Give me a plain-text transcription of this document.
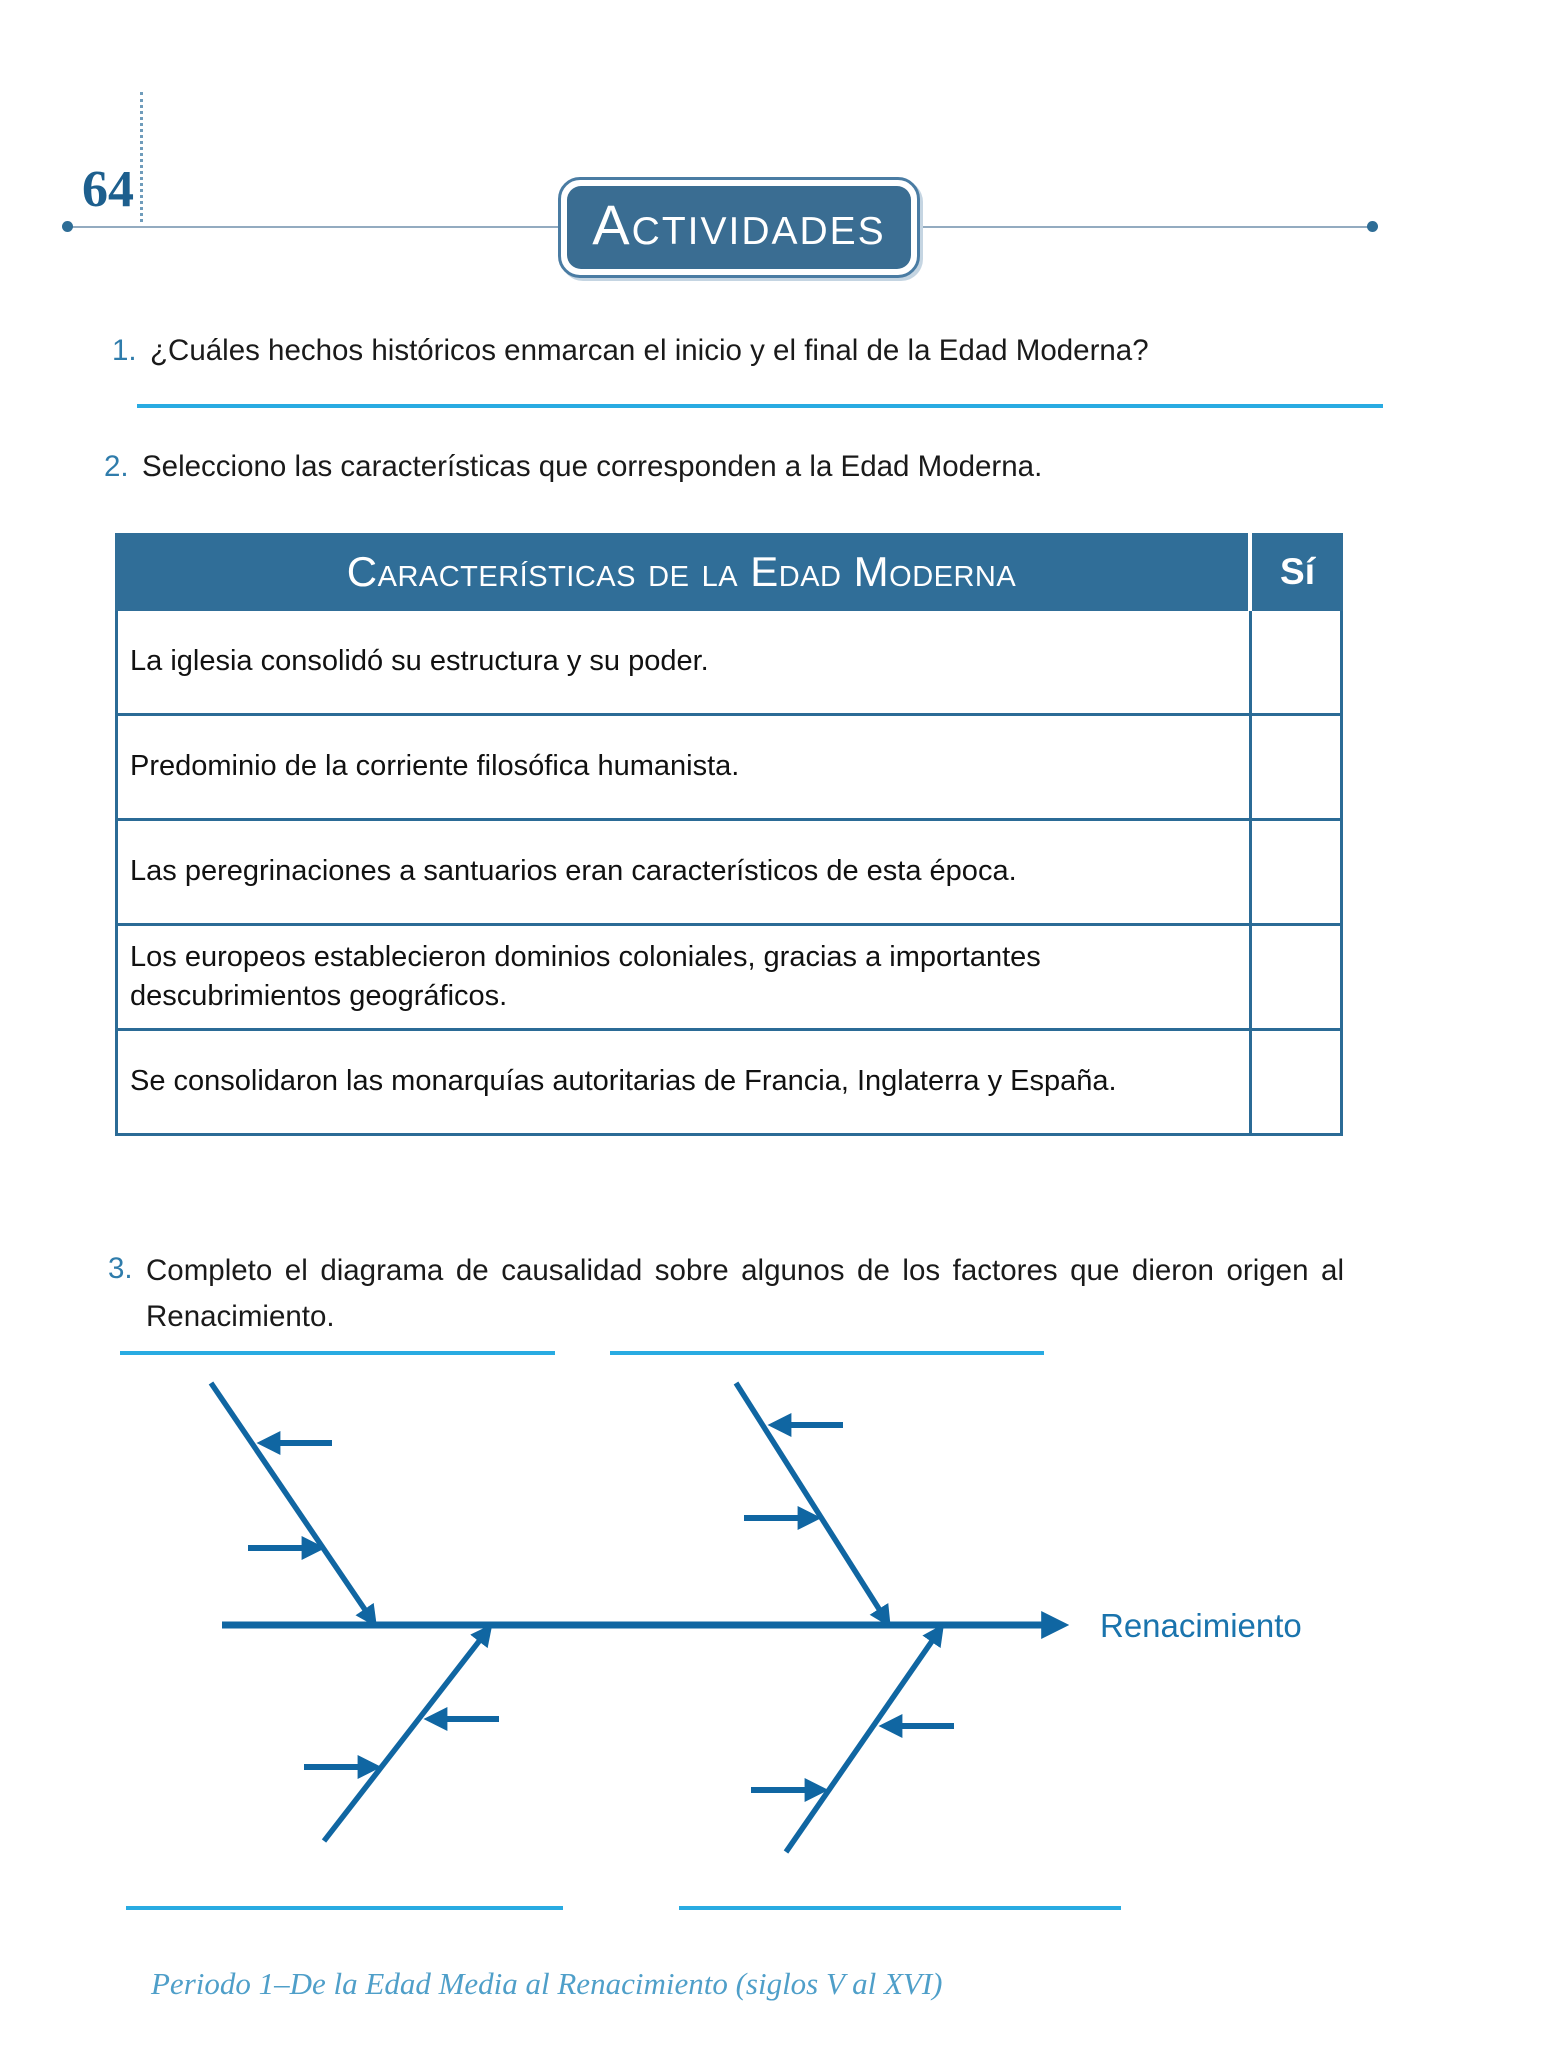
64
Actividades
1. ¿Cuáles hechos históricos enmarcan el inicio y el final de la Edad Moderna?
2. Selecciono las características que corresponden a la Edad Moderna.
Características de la Edad Moderna	Sí
La iglesia consolidó su estructura y su poder.
Predominio de la corriente filosófica humanista.
Las peregrinaciones a santuarios eran característicos de esta época.
Los europeos establecieron dominios coloniales, gracias a importantes descubrimientos geográficos.
Se consolidaron las monarquías autoritarias de Francia, Inglaterra y España.
3. Completo el diagrama de causalidad sobre algunos de los factores que dieron origen al Renacimiento.
Renacimiento
Periodo 1–De la Edad Media al Renacimiento (siglos V al XVI)
